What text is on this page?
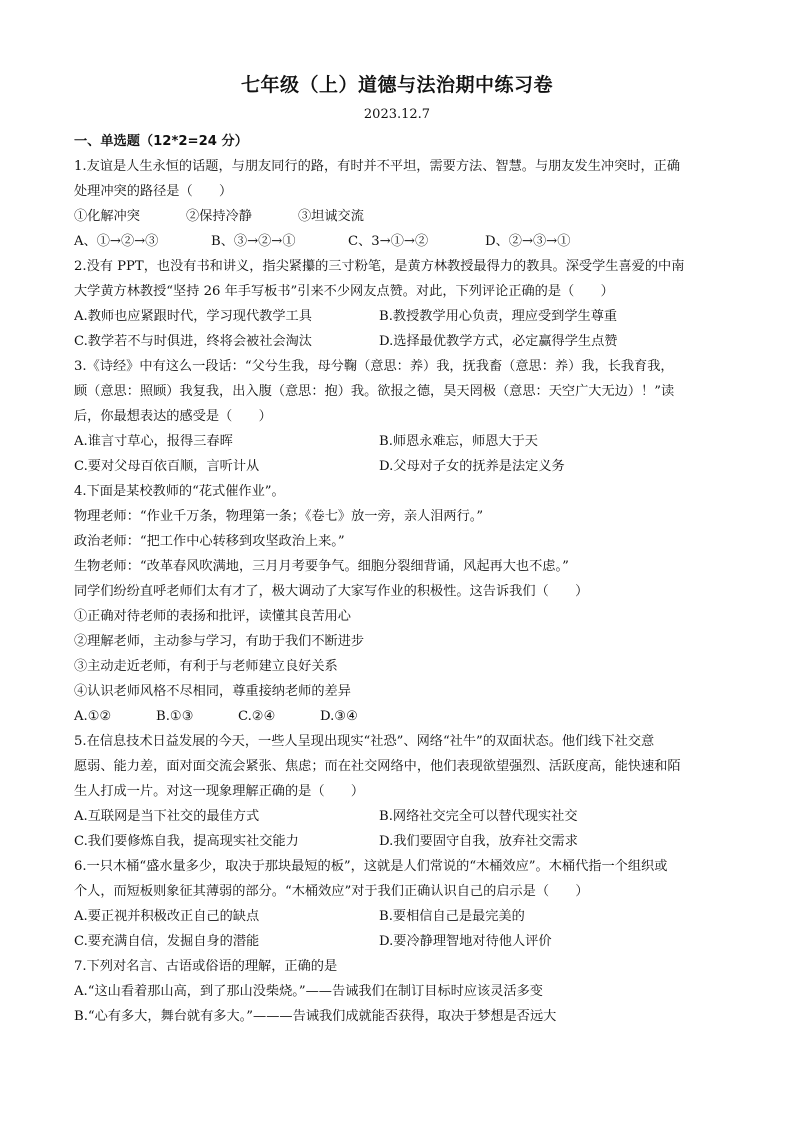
七年级（上）道德与法治期中练习卷
2023.12.7
一、单选题（12*2=24 分）
1.友谊是人生永恒的话题，与朋友同行的路，有时并不平坦，需要方法、智慧。与朋友发生冲突时，正确
处理冲突的路径是（　　）
①化解冲突	②保持冷静	③坦诚交流
A、①→②→③	B、③→②→①	C、3→①→②	D、②→③→①
2.没有 PPT，也没有书和讲义，指尖紧攥的三寸粉笔，是黄方林教授最得力的教具。深受学生喜爱的中南
大学黄方林教授“坚持 26 年手写板书”引来不少网友点赞。对此，下列评论正确的是（　　）
A.教师也应紧跟时代，学习现代教学工具	B.教授教学用心负责，理应受到学生尊重
C.教学若不与时俱进，终将会被社会淘汰	D.选择最优教学方式，必定赢得学生点赞
3.《诗经》中有这么一段话：“父兮生我，母兮鞠（意思：养）我，抚我畜（意思：养）我，长我育我，
顾（意思：照顾）我复我，出入腹（意思：抱）我。欲报之德，昊天罔极（意思：天空广大无边）！”读
后，你最想表达的感受是（　　）
A.谁言寸草心，报得三春晖	B.师恩永难忘，师恩大于天
C.要对父母百依百顺，言听计从	D.父母对子女的抚养是法定义务
4.下面是某校教师的“花式催作业”。
物理老师：“作业千万条，物理第一条；《卷七》放一旁，亲人泪两行。”
政治老师：“把工作中心转移到攻坚政治上来。”
生物老师：“改革春风吹满地，三月月考要争气。细胞分裂细背诵，风起再大也不虑。”
同学们纷纷直呼老师们太有才了，极大调动了大家写作业的积极性。这告诉我们（　　）
①正确对待老师的表扬和批评，读懂其良苦用心
②理解老师，主动参与学习，有助于我们不断进步
③主动走近老师，有利于与老师建立良好关系
④认识老师风格不尽相同，尊重接纳老师的差异
A.①②	B.①③	C.②④	D.③④
5.在信息技术日益发展的今天，一些人呈现出现实“社恐”、网络“社牛”的双面状态。他们线下社交意
愿弱、能力差，面对面交流会紧张、焦虑；而在社交网络中，他们表现欲望强烈、活跃度高，能快速和陌
生人打成一片。对这一现象理解正确的是（　　）
A.互联网是当下社交的最佳方式	B.网络社交完全可以替代现实社交
C.我们要修炼自我，提高现实社交能力	D.我们要固守自我，放弃社交需求
6.一只木桶“盛水量多少，取决于那块最短的板”，这就是人们常说的“木桶效应”。木桶代指一个组织或
个人，而短板则象征其薄弱的部分。“木桶效应”对于我们正确认识自己的启示是（　　）
A.要正视并积极改正自己的缺点	B.要相信自己是最完美的
C.要充满自信，发掘自身的潜能	D.要冷静理智地对待他人评价
7.下列对名言、古语或俗语的理解，正确的是
A.“这山看着那山高，到了那山没柴烧。”——告诫我们在制订目标时应该灵活多变
B.“心有多大，舞台就有多大。”———告诫我们成就能否获得，取决于梦想是否远大
